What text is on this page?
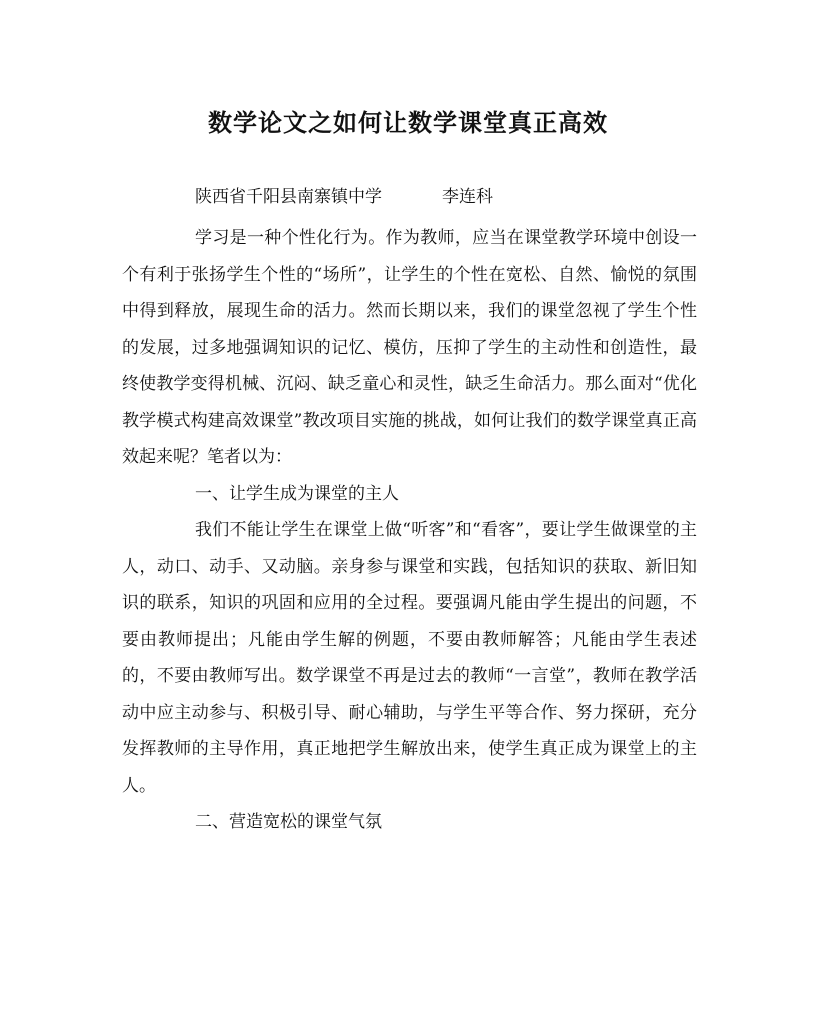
数学论文之如何让数学课堂真正高效
陕西省千阳县南寨镇中学	李连科

学习是一种个性化行为。作为教师，应当在课堂教学环境中创设一个有利于张扬学生个性的“场所”，让学生的个性在宽松、自然、愉悦的氛围中得到释放，展现生命的活力。然而长期以来，我们的课堂忽视了学生个性的发展，过多地强调知识的记忆、模仿，压抑了学生的主动性和创造性，最终使教学变得机械、沉闷、缺乏童心和灵性，缺乏生命活力。那么面对“优化教学模式构建高效课堂”教改项目实施的挑战，如何让我们的数学课堂真正高效起来呢？笔者以为：

一、让学生成为课堂的主人

我们不能让学生在课堂上做“听客”和“看客”，要让学生做课堂的主人，动口、动手、又动脑。亲身参与课堂和实践，包括知识的获取、新旧知识的联系，知识的巩固和应用的全过程。要强调凡能由学生提出的问题，不要由教师提出；凡能由学生解的例题，不要由教师解答；凡能由学生表述的，不要由教师写出。数学课堂不再是过去的教师“一言堂”，教师在教学活动中应主动参与、积极引导、耐心辅助，与学生平等合作、努力探研，充分发挥教师的主导作用，真正地把学生解放出来，使学生真正成为课堂上的主人。

二、营造宽松的课堂气氛
